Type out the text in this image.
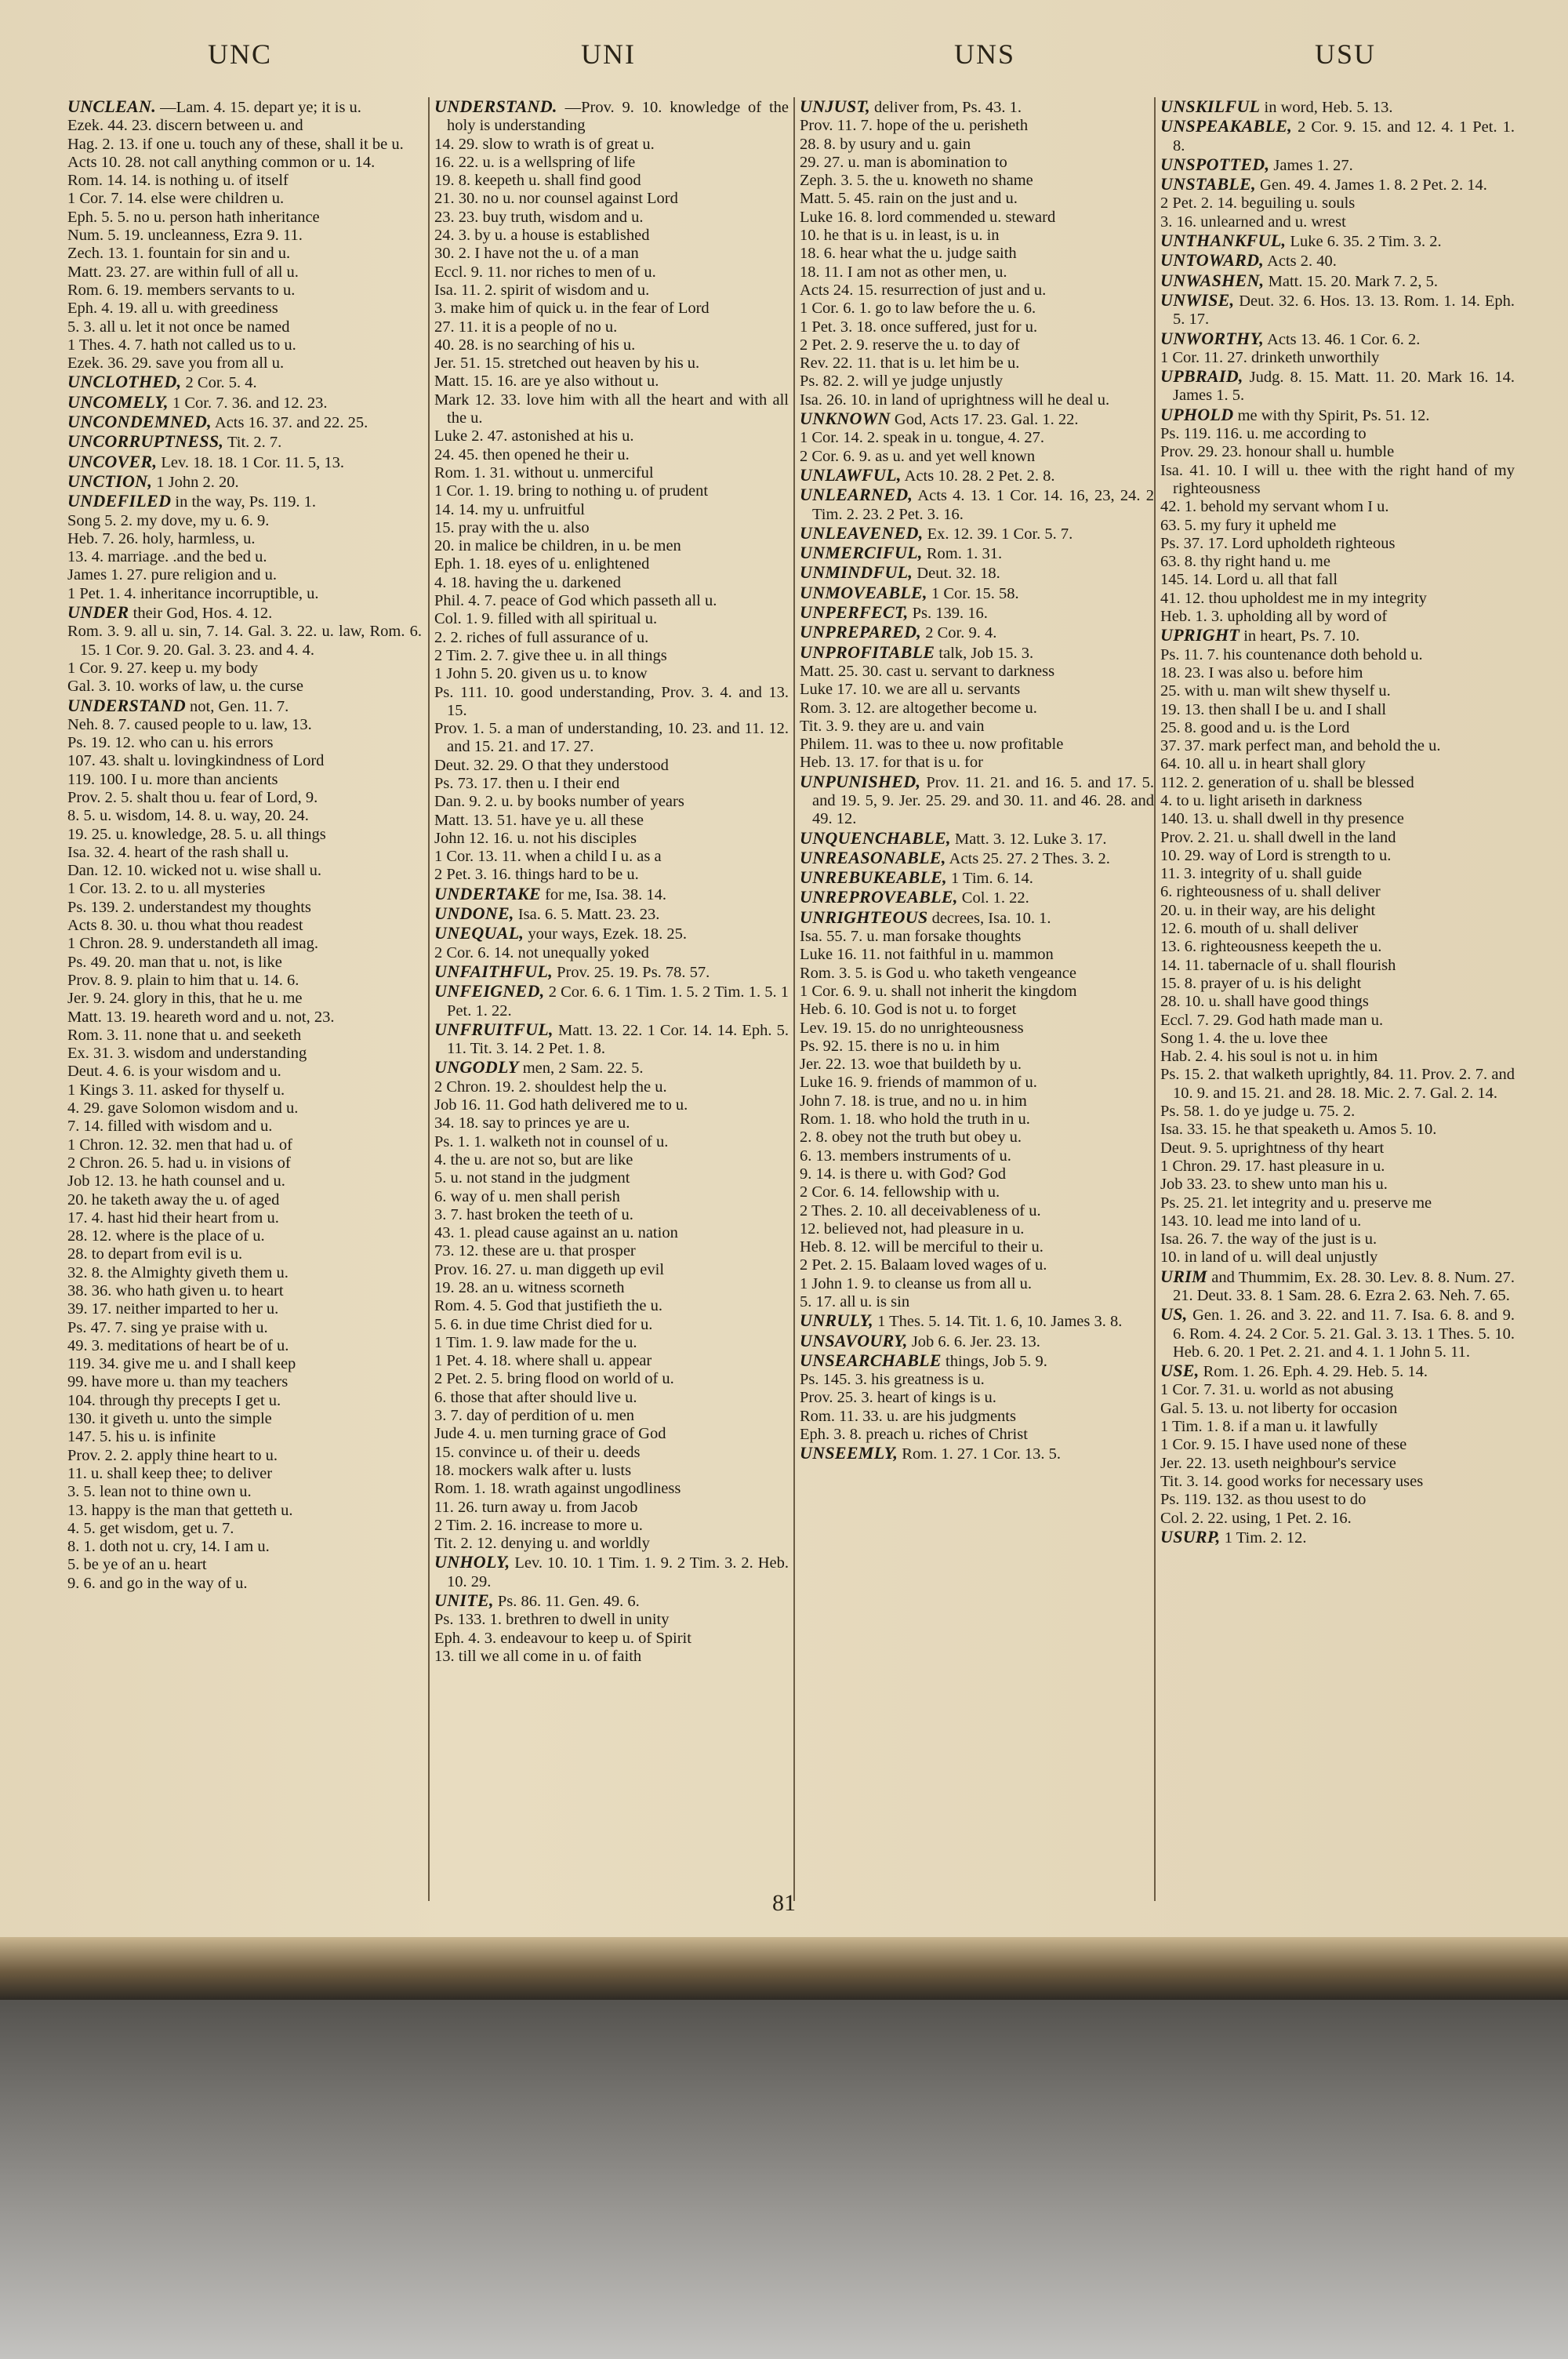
UNC	UNI	UNS	USU
UNCLEAN. —Lam. 4. 15. depart ye; it is u.
Ezek. 44. 23. discern between u. and
Hag. 2. 13. if one u. touch any of these, shall it be u.
Acts 10. 28. not call anything common or u. 14.
Rom. 14. 14. is nothing u. of itself
1 Cor. 7. 14. else were children u.
Eph. 5. 5. no u. person hath inheritance
Num. 5. 19. uncleanness, Ezra 9. 11.
Zech. 13. 1. fountain for sin and u.
Matt. 23. 27. are within full of all u.
Rom. 6. 19. members servants to u.
Eph. 4. 19. all u. with greediness
5. 3. all u. let it not once be named
1 Thes. 4. 7. hath not called us to u.
Ezek. 36. 29. save you from all u.
UNCLOTHED, 2 Cor. 5. 4.
UNCOMELY, 1 Cor. 7. 36. and 12. 23.
UNCONDEMNED, Acts 16. 37. and 22. 25.
UNCORRUPTNESS, Tit. 2. 7.
UNCOVER, Lev. 18. 18. 1 Cor. 11. 5, 13.
UNCTION, 1 John 2. 20.
UNDEFILED in the way, Ps. 119. 1.
Song 5. 2. my dove, my u. 6. 9.
Heb. 7. 26. holy, harmless, u.
13. 4. marriage. .and the bed u.
James 1. 27. pure religion and u.
1 Pet. 1. 4. inheritance incorruptible, u.
UNDER their God, Hos. 4. 12.
Rom. 3. 9. all u. sin, 7. 14. Gal. 3. 22. u. law, Rom. 6. 15. 1 Cor. 9. 20. Gal. 3. 23. and 4. 4.
1 Cor. 9. 27. keep u. my body
Gal. 3. 10. works of law, u. the curse
UNDERSTAND not, Gen. 11. 7.
Neh. 8. 7. caused people to u. law, 13.
Ps. 19. 12. who can u. his errors
107. 43. shalt u. lovingkindness of Lord
119. 100. I u. more than ancients
Prov. 2. 5. shalt thou u. fear of Lord, 9.
8. 5. u. wisdom, 14. 8. u. way, 20. 24.
19. 25. u. knowledge, 28. 5. u. all things
Isa. 32. 4. heart of the rash shall u.
Dan. 12. 10. wicked not u. wise shall u.
1 Cor. 13. 2. to u. all mysteries
Ps. 139. 2. understandest my thoughts
Acts 8. 30. u. thou what thou readest
1 Chron. 28. 9. understandeth all imag.
Ps. 49. 20. man that u. not, is like
Prov. 8. 9. plain to him that u. 14. 6.
Jer. 9. 24. glory in this, that he u. me
Matt. 13. 19. heareth word and u. not, 23.
Rom. 3. 11. none that u. and seeketh
Ex. 31. 3. wisdom and understanding
Deut. 4. 6. is your wisdom and u.
1 Kings 3. 11. asked for thyself u.
4. 29. gave Solomon wisdom and u.
7. 14. filled with wisdom and u.
1 Chron. 12. 32. men that had u. of
2 Chron. 26. 5. had u. in visions of
Job 12. 13. he hath counsel and u.
20. he taketh away the u. of aged
17. 4. hast hid their heart from u.
28. 12. where is the place of u.
28. to depart from evil is u.
32. 8. the Almighty giveth them u.
38. 36. who hath given u. to heart
39. 17. neither imparted to her u.
Ps. 47. 7. sing ye praise with u.
49. 3. meditations of heart be of u.
119. 34. give me u. and I shall keep
99. have more u. than my teachers
104. through thy precepts I get u.
130. it giveth u. unto the simple
147. 5. his u. is infinite
Prov. 2. 2. apply thine heart to u.
11. u. shall keep thee; to deliver
3. 5. lean not to thine own u.
13. happy is the man that getteth u.
4. 5. get wisdom, get u. 7.
8. 1. doth not u. cry, 14. I am u.
5. be ye of an u. heart
9. 6. and go in the way of u.
UNDERSTAND. —Prov. 9. 10. knowledge of the holy is understanding
14. 29. slow to wrath is of great u.
16. 22. u. is a wellspring of life
19. 8. keepeth u. shall find good
21. 30. no u. nor counsel against Lord
23. 23. buy truth, wisdom and u.
24. 3. by u. a house is established
30. 2. I have not the u. of a man
Eccl. 9. 11. nor riches to men of u.
Isa. 11. 2. spirit of wisdom and u.
3. make him of quick u. in the fear of Lord
27. 11. it is a people of no u.
40. 28. is no searching of his u.
Jer. 51. 15. stretched out heaven by his u.
Matt. 15. 16. are ye also without u.
Mark 12. 33. love him with all the heart and with all the u.
Luke 2. 47. astonished at his u.
24. 45. then opened he their u.
Rom. 1. 31. without u. unmerciful
1 Cor. 1. 19. bring to nothing u. of prudent
14. 14. my u. unfruitful
15. pray with the u. also
20. in malice be children, in u. be men
Eph. 1. 18. eyes of u. enlightened
4. 18. having the u. darkened
Phil. 4. 7. peace of God which passeth all u.
Col. 1. 9. filled with all spiritual u.
2. 2. riches of full assurance of u.
2 Tim. 2. 7. give thee u. in all things
1 John 5. 20. given us u. to know
Ps. 111. 10. good understanding, Prov. 3. 4. and 13. 15.
Prov. 1. 5. a man of understanding, 10. 23. and 11. 12. and 15. 21. and 17. 27.
Deut. 32. 29. O that they understood
Ps. 73. 17. then u. I their end
Dan. 9. 2. u. by books number of years
Matt. 13. 51. have ye u. all these
John 12. 16. u. not his disciples
1 Cor. 13. 11. when a child I u. as a
2 Pet. 3. 16. things hard to be u.
UNDERTAKE for me, Isa. 38. 14.
UNDONE, Isa. 6. 5. Matt. 23. 23.
UNEQUAL, your ways, Ezek. 18. 25.
2 Cor. 6. 14. not unequally yoked
UNFAITHFUL, Prov. 25. 19. Ps. 78. 57.
UNFEIGNED, 2 Cor. 6. 6. 1 Tim. 1. 5. 2 Tim. 1. 5. 1 Pet. 1. 22.
UNFRUITFUL, Matt. 13. 22. 1 Cor. 14. 14. Eph. 5. 11. Tit. 3. 14. 2 Pet. 1. 8.
UNGODLY men, 2 Sam. 22. 5.
2 Chron. 19. 2. shouldest help the u.
Job 16. 11. God hath delivered me to u.
34. 18. say to princes ye are u.
Ps. 1. 1. walketh not in counsel of u.
4. the u. are not so, but are like
5. u. not stand in the judgment
6. way of u. men shall perish
3. 7. hast broken the teeth of u.
43. 1. plead cause against an u. nation
73. 12. these are u. that prosper
Prov. 16. 27. u. man diggeth up evil
19. 28. an u. witness scorneth
Rom. 4. 5. God that justifieth the u.
5. 6. in due time Christ died for u.
1 Tim. 1. 9. law made for the u.
1 Pet. 4. 18. where shall u. appear
2 Pet. 2. 5. bring flood on world of u.
6. those that after should live u.
3. 7. day of perdition of u. men
Jude 4. u. men turning grace of God
15. convince u. of their u. deeds
18. mockers walk after u. lusts
Rom. 1. 18. wrath against ungodliness
11. 26. turn away u. from Jacob
2 Tim. 2. 16. increase to more u.
Tit. 2. 12. denying u. and worldly
UNHOLY, Lev. 10. 10. 1 Tim. 1. 9. 2 Tim. 3. 2. Heb. 10. 29.
UNITE, Ps. 86. 11. Gen. 49. 6.
Ps. 133. 1. brethren to dwell in unity
Eph. 4. 3. endeavour to keep u. of Spirit
13. till we all come in u. of faith
UNJUST, deliver from, Ps. 43. 1.
Prov. 11. 7. hope of the u. perisheth
28. 8. by usury and u. gain
29. 27. u. man is abomination to
Zeph. 3. 5. the u. knoweth no shame
Matt. 5. 45. rain on the just and u.
Luke 16. 8. lord commended u. steward
10. he that is u. in least, is u. in
18. 6. hear what the u. judge saith
18. 11. I am not as other men, u.
Acts 24. 15. resurrection of just and u.
1 Cor. 6. 1. go to law before the u. 6.
1 Pet. 3. 18. once suffered, just for u.
2 Pet. 2. 9. reserve the u. to day of
Rev. 22. 11. that is u. let him be u.
Ps. 82. 2. will ye judge unjustly
Isa. 26. 10. in land of uprightness will he deal u.
UNKNOWN God, Acts 17. 23. Gal. 1. 22.
1 Cor. 14. 2. speak in u. tongue, 4. 27.
2 Cor. 6. 9. as u. and yet well known
UNLAWFUL, Acts 10. 28. 2 Pet. 2. 8.
UNLEARNED, Acts 4. 13. 1 Cor. 14. 16, 23, 24. 2 Tim. 2. 23. 2 Pet. 3. 16.
UNLEAVENED, Ex. 12. 39. 1 Cor. 5. 7.
UNMERCIFUL, Rom. 1. 31.
UNMINDFUL, Deut. 32. 18.
UNMOVEABLE, 1 Cor. 15. 58.
UNPERFECT, Ps. 139. 16.
UNPREPARED, 2 Cor. 9. 4.
UNPROFITABLE talk, Job 15. 3.
Matt. 25. 30. cast u. servant to darkness
Luke 17. 10. we are all u. servants
Rom. 3. 12. are altogether become u.
Tit. 3. 9. they are u. and vain
Philem. 11. was to thee u. now profitable
Heb. 13. 17. for that is u. for
UNPUNISHED, Prov. 11. 21. and 16. 5. and 17. 5. and 19. 5, 9. Jer. 25. 29. and 30. 11. and 46. 28. and 49. 12.
UNQUENCHABLE, Matt. 3. 12. Luke 3. 17.
UNREASONABLE, Acts 25. 27. 2 Thes. 3. 2.
UNREBUKEABLE, 1 Tim. 6. 14.
UNREPROVEABLE, Col. 1. 22.
UNRIGHTEOUS decrees, Isa. 10. 1.
Isa. 55. 7. u. man forsake thoughts
Luke 16. 11. not faithful in u. mammon
Rom. 3. 5. is God u. who taketh vengeance
1 Cor. 6. 9. u. shall not inherit the kingdom
Heb. 6. 10. God is not u. to forget
Lev. 19. 15. do no unrighteousness
Ps. 92. 15. there is no u. in him
Jer. 22. 13. woe that buildeth by u.
Luke 16. 9. friends of mammon of u.
John 7. 18. is true, and no u. in him
Rom. 1. 18. who hold the truth in u.
2. 8. obey not the truth but obey u.
6. 13. members instruments of u.
9. 14. is there u. with God? God
2 Cor. 6. 14. fellowship with u.
2 Thes. 2. 10. all deceivableness of u.
12. believed not, had pleasure in u.
Heb. 8. 12. will be merciful to their u.
2 Pet. 2. 15. Balaam loved wages of u.
1 John 1. 9. to cleanse us from all u.
5. 17. all u. is sin
UNRULY, 1 Thes. 5. 14. Tit. 1. 6, 10. James 3. 8.
UNSAVOURY, Job 6. 6. Jer. 23. 13.
UNSEARCHABLE things, Job 5. 9.
Ps. 145. 3. his greatness is u.
Prov. 25. 3. heart of kings is u.
Rom. 11. 33. u. are his judgments
Eph. 3. 8. preach u. riches of Christ
UNSEEMLY, Rom. 1. 27. 1 Cor. 13. 5.
UNSKILFUL in word, Heb. 5. 13.
UNSPEAKABLE, 2 Cor. 9. 15. and 12. 4. 1 Pet. 1. 8.
UNSPOTTED, James 1. 27.
UNSTABLE, Gen. 49. 4. James 1. 8. 2 Pet. 2. 14.
2 Pet. 2. 14. beguiling u. souls
3. 16. unlearned and u. wrest
UNTHANKFUL, Luke 6. 35. 2 Tim. 3. 2.
UNTOWARD, Acts 2. 40.
UNWASHEN, Matt. 15. 20. Mark 7. 2, 5.
UNWISE, Deut. 32. 6. Hos. 13. 13. Rom. 1. 14. Eph. 5. 17.
UNWORTHY, Acts 13. 46. 1 Cor. 6. 2.
1 Cor. 11. 27. drinketh unworthily
UPBRAID, Judg. 8. 15. Matt. 11. 20. Mark 16. 14. James 1. 5.
UPHOLD me with thy Spirit, Ps. 51. 12.
Ps. 119. 116. u. me according to
Prov. 29. 23. honour shall u. humble
Isa. 41. 10. I will u. thee with the right hand of my righteousness
42. 1. behold my servant whom I u.
63. 5. my fury it upheld me
Ps. 37. 17. Lord upholdeth righteous
63. 8. thy right hand u. me
145. 14. Lord u. all that fall
41. 12. thou upholdest me in my integrity
Heb. 1. 3. upholding all by word of
UPRIGHT in heart, Ps. 7. 10.
Ps. 11. 7. his countenance doth behold u.
18. 23. I was also u. before him
25. with u. man wilt shew thyself u.
19. 13. then shall I be u. and I shall
25. 8. good and u. is the Lord
37. 37. mark perfect man, and behold the u.
64. 10. all u. in heart shall glory
112. 2. generation of u. shall be blessed
4. to u. light ariseth in darkness
140. 13. u. shall dwell in thy presence
Prov. 2. 21. u. shall dwell in the land
10. 29. way of Lord is strength to u.
11. 3. integrity of u. shall guide
6. righteousness of u. shall deliver
20. u. in their way, are his delight
12. 6. mouth of u. shall deliver
13. 6. righteousness keepeth the u.
14. 11. tabernacle of u. shall flourish
15. 8. prayer of u. is his delight
28. 10. u. shall have good things
Eccl. 7. 29. God hath made man u.
Song 1. 4. the u. love thee
Hab. 2. 4. his soul is not u. in him
Ps. 15. 2. that walketh uprightly, 84. 11. Prov. 2. 7. and 10. 9. and 15. 21. and 28. 18. Mic. 2. 7. Gal. 2. 14.
Ps. 58. 1. do ye judge u. 75. 2.
Isa. 33. 15. he that speaketh u. Amos 5. 10.
Deut. 9. 5. uprightness of thy heart
1 Chron. 29. 17. hast pleasure in u.
Job 33. 23. to shew unto man his u.
Ps. 25. 21. let integrity and u. preserve me
143. 10. lead me into land of u.
Isa. 26. 7. the way of the just is u.
10. in land of u. will deal unjustly
URIM and Thummim, Ex. 28. 30. Lev. 8. 8. Num. 27. 21. Deut. 33. 8. 1 Sam. 28. 6. Ezra 2. 63. Neh. 7. 65.
US, Gen. 1. 26. and 3. 22. and 11. 7. Isa. 6. 8. and 9. 6. Rom. 4. 24. 2 Cor. 5. 21. Gal. 3. 13. 1 Thes. 5. 10. Heb. 6. 20. 1 Pet. 2. 21. and 4. 1. 1 John 5. 11.
USE, Rom. 1. 26. Eph. 4. 29. Heb. 5. 14.
1 Cor. 7. 31. u. world as not abusing
Gal. 5. 13. u. not liberty for occasion
1 Tim. 1. 8. if a man u. it lawfully
1 Cor. 9. 15. I have used none of these
Jer. 22. 13. useth neighbour's service
Tit. 3. 14. good works for necessary uses
Ps. 119. 132. as thou usest to do
Col. 2. 22. using, 1 Pet. 2. 16.
USURP, 1 Tim. 2. 12.
81
